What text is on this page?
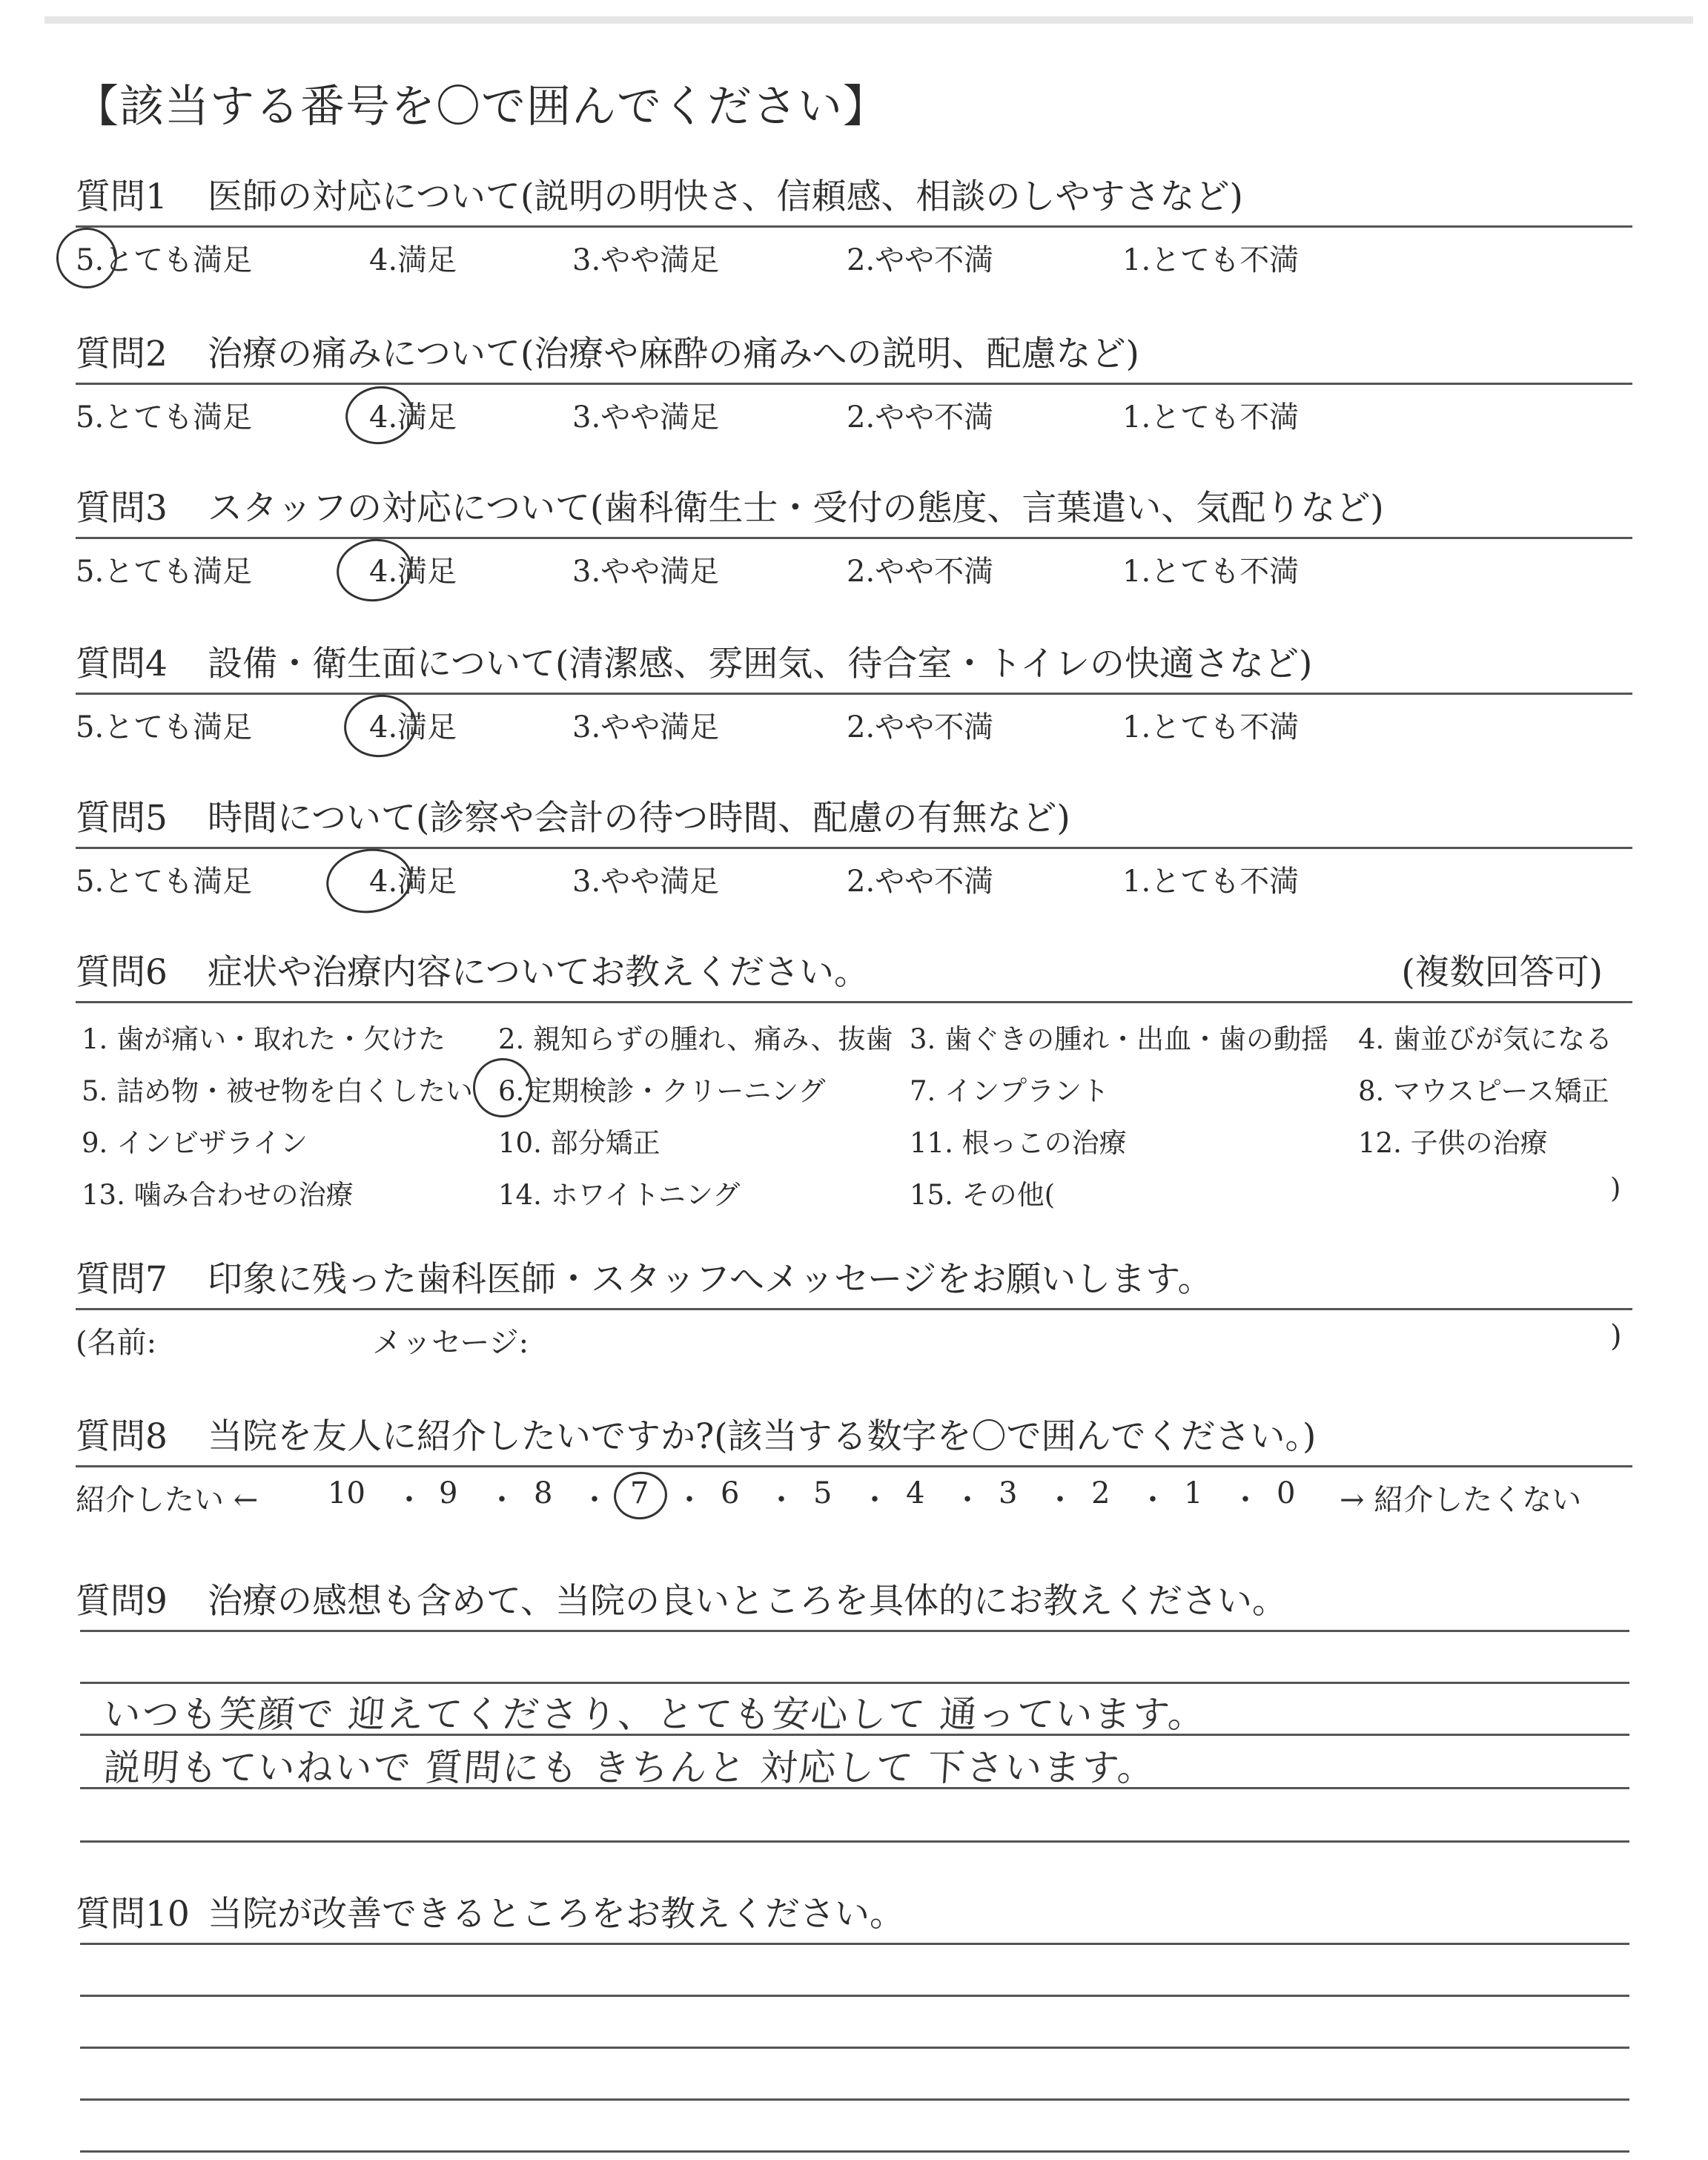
【該当する番号を〇で囲んでください】
質問1 医師の対応について(説明の明快さ、信頼感、相談のしやすさなど)
5.とても満足	4.満足	3.やや満足	2.やや不満	1.とても不満
質問2 治療の痛みについて(治療や麻酔の痛みへの説明、配慮など)
5.とても満足	4.満足	3.やや満足	2.やや不満	1.とても不満
質問3 スタッフの対応について(歯科衛生士・受付の態度、言葉遣い、気配りなど)
5.とても満足	4.満足	3.やや満足	2.やや不満	1.とても不満
質問4 設備・衛生面について(清潔感、雰囲気、待合室・トイレの快適さなど)
5.とても満足	4.満足	3.やや満足	2.やや不満	1.とても不満
質問5 時間について(診察や会計の待つ時間、配慮の有無など)
5.とても満足	4.満足	3.やや満足	2.やや不満	1.とても不満
質問6 症状や治療内容についてお教えください。	(複数回答可)
1. 歯が痛い・取れた・欠けた 2. 親知らずの腫れ、痛み、抜歯 3. 歯ぐきの腫れ・出血・歯の動揺 4. 歯並びが気になる
5. 詰め物・被せ物を白くしたい 6.定期検診・クリーニング	7. インプラント	8. マウスピース矯正
9. インビザライン	10. 部分矯正	11. 根っこの治療	12. 子供の治療
13. 噛み合わせの治療	14. ホワイトニング	15. その他(	)
質問7 印象に残った歯科医師・スタッフへメッセージをお願いします。
(名前:	メッセージ:	)
質問8 当院を友人に紹介したいですか?(該当する数字を〇で囲んでください。)
紹介したい ← 10 ・ 9 ・ 8 ・ 7 ・ 6 ・ 5 ・ 4 ・ 3 ・ 2 ・ 1 ・ 0 → 紹介したくない
質問9 治療の感想も含めて、当院の良いところを具体的にお教えください。
いつも笑顔で 迎えてくださり、とても安心して 通っています。
説明もていねいで 質問にも きちんと 対応して 下さいます。
質問10 当院が改善できるところをお教えください。
